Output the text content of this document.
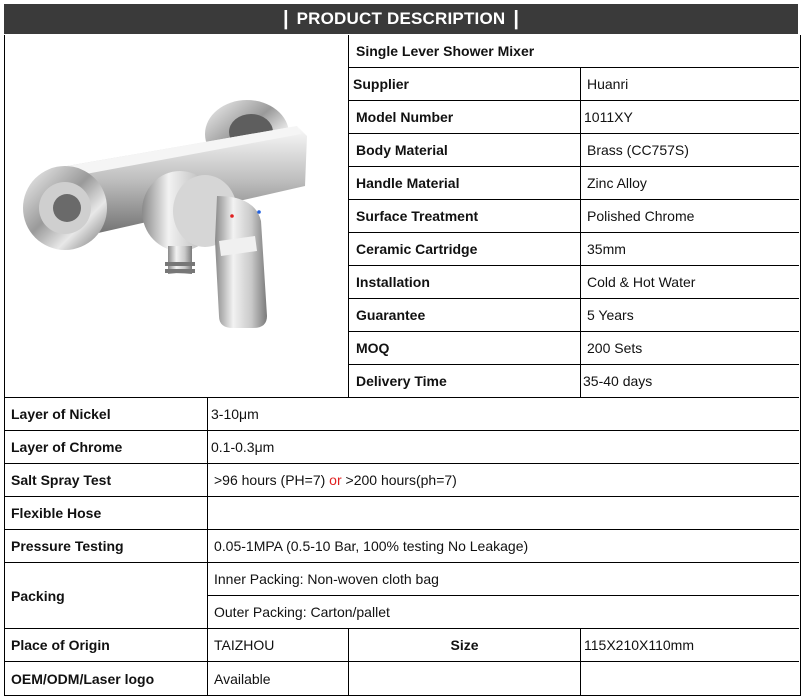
| PRODUCT DESCRIPTION |
Single Lever Shower Mixer
Supplier	Huanri
Model Number	1011XY
Body Material	Brass (CC757S)
Handle Material	Zinc Alloy
Surface Treatment	Polished Chrome
Ceramic Cartridge	35mm
Installation	Cold & Hot Water
Guarantee	5 Years
MOQ	200 Sets
Delivery Time	35-40 days
Layer of Nickel	3-10μm
Layer of Chrome	0.1-0.3μm
Salt Spray Test	>96 hours (PH=7) or >200 hours(ph=7)
Flexible Hose
Pressure Testing	0.05-1MPA (0.5-10 Bar, 100% testing No Leakage)
Packing
Inner Packing: Non-woven cloth bag
Outer Packing: Carton/pallet
Place of Origin	TAIZHOU	Size	115X210X110mm
OEM/ODM/Laser logo	Available
